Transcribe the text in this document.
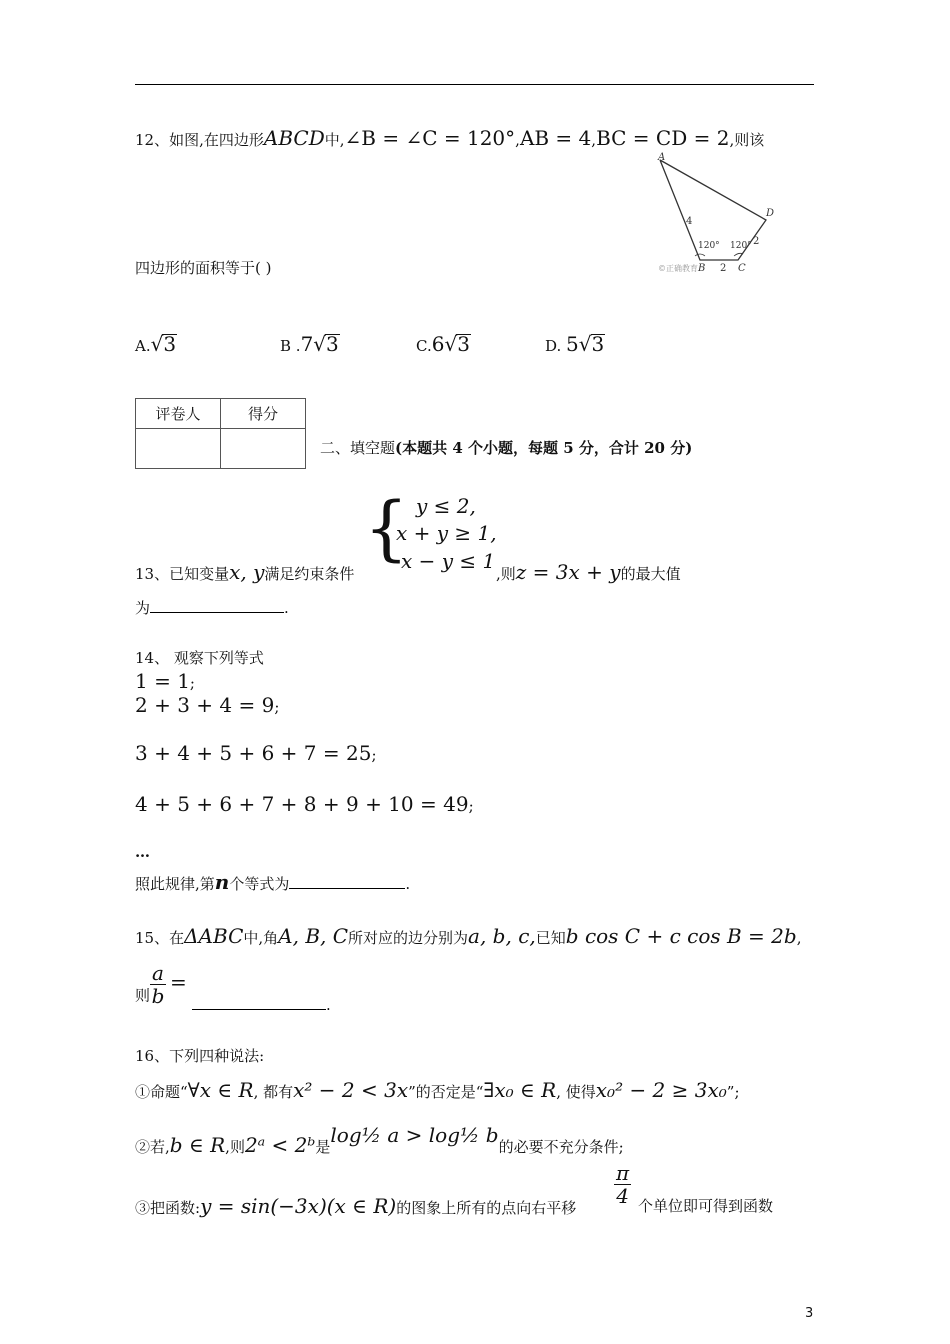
12、如图,在四边形ABCD中,∠B = ∠C = 120°,AB = 4,BC = CD = 2,则该
A
D
B	C
4
2
2
120° 120°
©正确教育
四边形的面积等于( )
A.√3	B .7√3	C.6√3	D. 5√3
评卷人	得分

二、填空题(本题共 4 个小题，每题 5 分，合计 20 分)
{ y ≤ 2,
x + y ≥ 1,
x − y ≤ 1
13、已知变量x, y满足约束条件	,则z = 3x + y的最大值
为	.
14、 观察下列等式
1 = 1;
2 + 3 + 4 = 9;
3 + 4 + 5 + 6 + 7 = 25;
4 + 5 + 6 + 7 + 8 + 9 + 10 = 49;
…
照此规律,第n个等式为	.
15、在ΔABC中,角A, B, C所对应的边分别为a, b, c,已知b cos C + c cos B = 2b,
则 $\frac{a}{b}$ =
.
16、下列四种说法:
①命题“∀x ∈ R, 都有x² − 2 < 3x”的否定是“∃x₀ ∈ R, 使得x₀² − 2 ≥ 3x₀”;
②若,b ∈ R,则2ᵃ < 2ᵇ是log½ a > log½ b的必要不充分条件;
③把函数:y = sin(−3x)(x ∈ R)的图象上所有的点向右平移
$\frac{\pi}{4}$ 个单位即可得到函数
3
